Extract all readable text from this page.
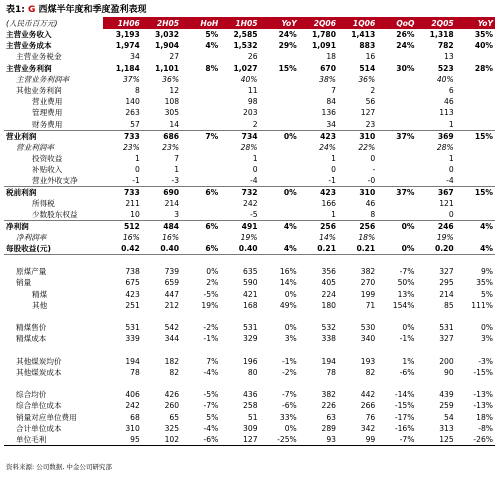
表1: G 西煤半年度和季度盈利表现
(人民币百万元)	1H06	2H05	HoH	1H05	YoY	2Q06	1Q06	QoQ	2Q05	YoY
主营业务收入	3,193	3,032	5%	2,585	24%	1,780	1,413	26%	1,318	35%
主营业务成本	1,974	1,904	4%	1,532	29%	1,091	883	24%	782	40%
主营业务税金	34	27		26		18	16		13	
主营业务利润	1,184	1,101	8%	1,027	15%	670	514	30%	523	28%
主营业务利润率	37%	36%		40%		38%	36%		40%	
其他业务利润	8	12		11		7	2		6	
营业费用	140	108		98		84	56		46	
管理费用	263	305		203		136	127		113	
财务费用	57	14		2		34	23		1	
营业利润	733	686	7%	734	0%	423	310	37%	369	15%
营业利润率	23%	23%		28%		24%	22%		28%	
投资收益	1	7		1		1	0		1	
补贴收入	0	1		0		0	-		0	
营业外收支净	-1	-3		-4		-1	-0		-4	
税前利润	733	690	6%	732	0%	423	310	37%	367	15%
所得税	211	214		242		166	46		121	
少数股东权益	10	3		-5		1	8		0	
净利润	512	484	6%	491	4%	256	256	0%	246	4%
净利润率	16%	16%		19%		14%	18%		19%	
每股收益(元)	0.42	0.40	6%	0.40	4%	0.21	0.21	0%	0.20	4%

原煤产量	738	739	0%	635	16%	356	382	-7%	327	9%
销量	675	659	2%	590	14%	405	270	50%	295	35%
精煤	423	447	-5%	421	0%	224	199	13%	214	5%
其他	251	212	19%	168	49%	180	71	154%	85	111%

精煤售价	531	542	-2%	531	0%	532	530	0%	531	0%
精煤成本	339	344	-1%	329	3%	338	340	-1%	327	3%

其他煤炭均价	194	182	7%	196	-1%	194	193	1%	200	-3%
其他煤炭成本	78	82	-4%	80	-2%	78	82	-6%	90	-15%

综合均价	406	426	-5%	436	-7%	382	442	-14%	439	-13%
综合单位成本	242	260	-7%	258	-6%	226	266	-15%	259	-13%
销量对应单位费用	68	65	5%	51	33%	63	76	-17%	54	18%
合计单位成本	310	325	-4%	309	0%	289	342	-16%	313	-8%
单位毛利	95	102	-6%	127	-25%	93	99	-7%	125	-26%
资料来源: 公司数据, 中金公司研究部
